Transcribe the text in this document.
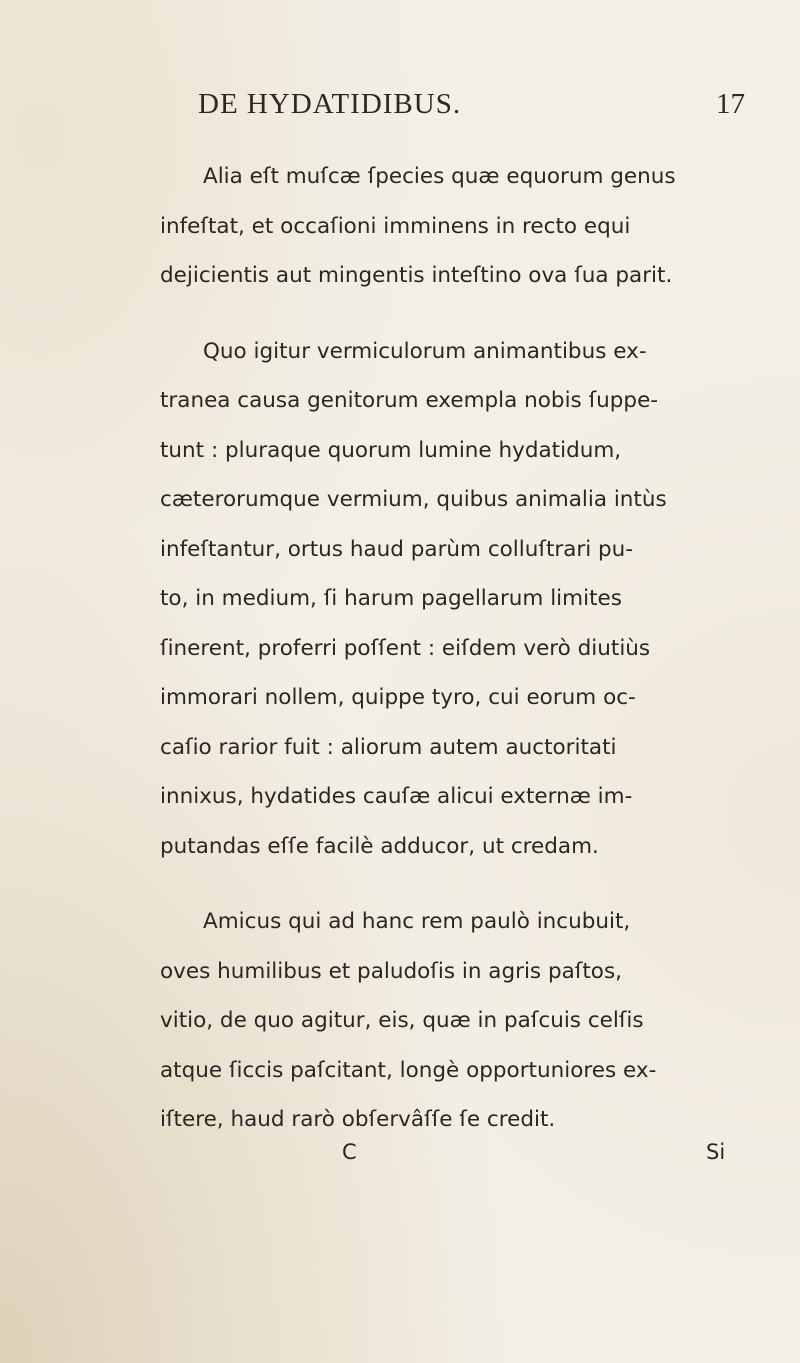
DE HYDATIDIBUS.	17
Alia eſt muſcæ ſpecies quæ equorum genus
infeſtat, et occaſioni imminens in recto equi
dejicientis aut mingentis inteſtino ova ſua parit.
Quo igitur vermiculorum animantibus ex-
tranea causa genitorum exempla nobis ſuppe-
tunt : pluraque quorum lumine hydatidum,
cæterorumque vermium, quibus animalia intùs
infeſtantur, ortus haud parùm colluſtrari pu-
to, in medium, ſi harum pagellarum limites
ſinerent, proferri poſſent : eiſdem verò diutiùs
immorari nollem, quippe tyro, cui eorum oc-
caſio rarior fuit : aliorum autem auctoritati
innixus, hydatides cauſæ alicui externæ im-
putandas eſſe facilè adducor, ut credam.
Amicus qui ad hanc rem paulò incubuit,
oves humilibus et paludoſis in agris paſtos,
vitio, de quo agitur, eis, quæ in paſcuis celſis
atque ſiccis paſcitant, longè opportuniores ex-
iſtere, haud rarò obſervâſſe ſe credit.
C	Si
